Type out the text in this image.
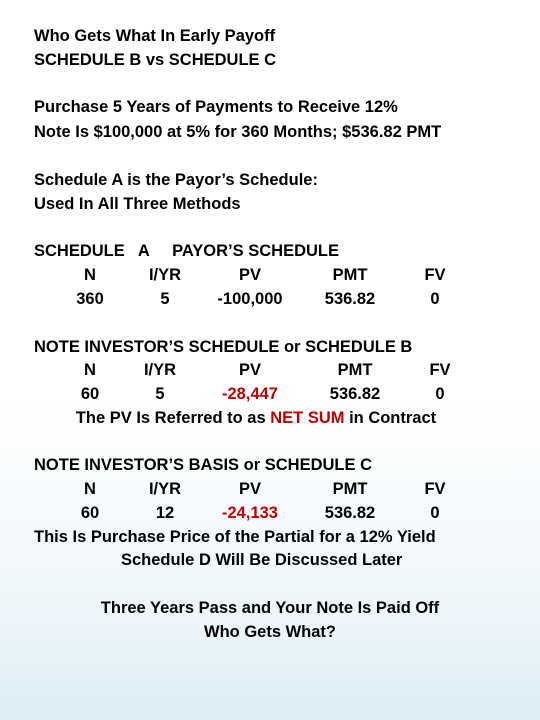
Who Gets What In Early Payoff
SCHEDULE B vs SCHEDULE C
Purchase 5 Years of Payments to Receive 12%
Note Is $100,000 at 5% for 360 Months; $536.82 PMT
Schedule A is the Payor’s Schedule:
Used In All Three Methods
SCHEDULE   A     PAYOR’S SCHEDULE
N	I/YR	PV	PMT	FV
360	5	-100,000	536.82	0
NOTE INVESTOR’S SCHEDULE or SCHEDULE B
N	I/YR	PV	PMT	FV
60	5	-28,447	536.82	0
The PV Is Referred to as NET SUM in Contract
NOTE INVESTOR’S BASIS or SCHEDULE C
N	I/YR	PV	PMT	FV
60	12	-24,133	536.82	0
This Is Purchase Price of the Partial for a 12% Yield
Schedule D Will Be Discussed Later
Three Years Pass and Your Note Is Paid Off
Who Gets What?
